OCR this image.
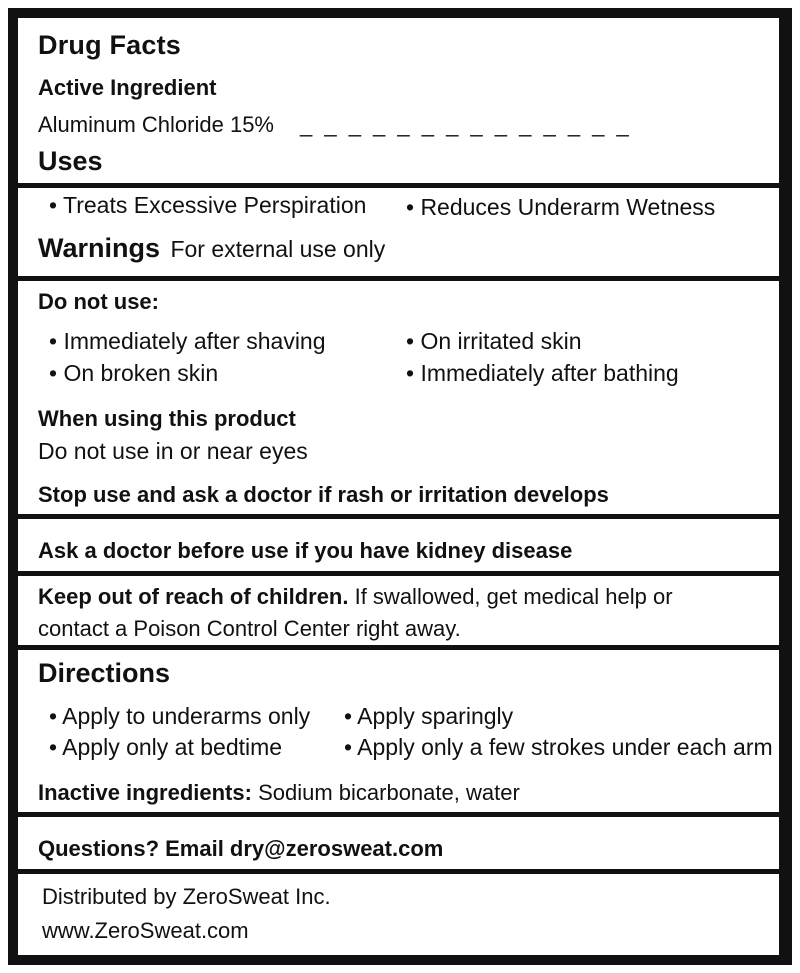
Drug Facts
Active Ingredient
Aluminum Chloride 15% _ _ _ _ _ _ _ _ _ _ _ _ _ _
Uses
• Treats Excessive Perspiration • Reduces Underarm Wetness
Warnings For external use only
Do not use:
• Immediately after shaving	• On irritated skin
• On broken skin	• Immediately after bathing
When using this product
Do not use in or near eyes
Stop use and ask a doctor if rash or irritation develops
Ask a doctor before use if you have kidney disease
Keep out of reach of children. If swallowed, get medical help or
contact a Poison Control Center right away.
Directions
• Apply to underarms only • Apply sparingly
• Apply only at bedtime	• Apply only a few strokes under each arm
Inactive ingredients: Sodium bicarbonate, water
Questions? Email dry@zerosweat.com
Distributed by ZeroSweat Inc.
www.ZeroSweat.com
